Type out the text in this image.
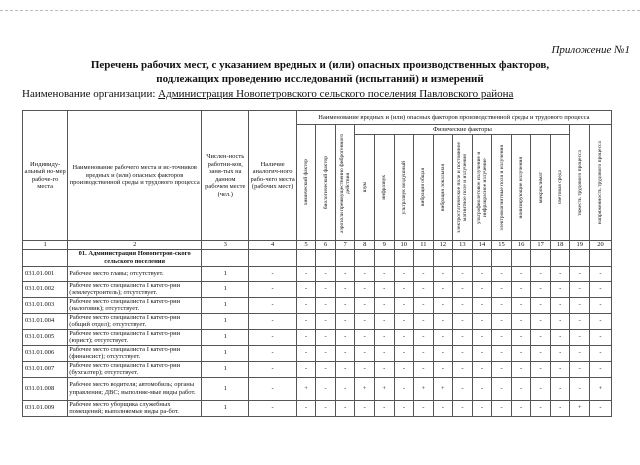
Приложение №1
Перечень рабочих мест, с указанием вредных и (или) опасных производственных факторов,
подлежащих проведению исследований (испытаний) и измерений
Наименование организации: Администрация Новопетровского сельского поселения Павловского района
Индивиду-альный но-мер рабоче-го места	Наименование рабочего места и ис-точников вредных и (или) опасных факторов производственной среды и трудового процесса	Числен-ность работни-ков, заня-тых на данном рабочем месте (чел.)	Наличие аналогич-ного рабо-чего места (рабочих мест)	Наименование вредных и (или) опасных факторов производственной среды и трудового процесса															

				химический фактор	биологический фактор	аэрозоли преимущественно фиброгенного действия	Физические факторы											тяжесть трудового процесса	напряженность трудового процесса

							шум	инфразвук	ультразвук воздушный	вибрация общая	вибрация локальная	электростатическое поле и постоянное магнитное поле и излучения	ультрафиолетовое излучение и инфракрасное излучение	электромагнитные поля и излучения	ионизирующие излучения	микроклимат	световая среда		

1	2	3	4	5	6	7	8	9	10	11	12	13	14	15	16	17	18	19	20
	01. Администрация Новопетров-ского сельского поселения																		
031.01.001	Рабочее место главы; отсутствует.	1	-	-	-	-	-	-	-	-	-	-	-	-	-	-	-	-	-
031.01.002	Рабочее место специалиста I катего-рии (землеустроитель); отсутствует.	1	-	-	-	-	-	-	-	-	-	-	-	-	-	-	-	-	-
031.01.003	Рабочее место специалиста I катего-рии (налоговик); отсутствует.	1	-	-	-	-	-	-	-	-	-	-	-	-	-	-	-	-	-
031.01.004	Рабочее место специалиста I катего-рии (общий отдел); отсутствует.	1	-	-	-	-	-	-	-	-	-	-	-	-	-	-	-	-	-
031.01.005	Рабочее место специалиста I катего-рии (юрист); отсутствует.	1	-	-	-	-	-	-	-	-	-	-	-	-	-	-	-	-	-
031.01.006	Рабочее место специалиста I катего-рии (финансист); отсутствует.	1	-	-	-	-	-	-	-	-	-	-	-	-	-	-	-	-	-
031.01.007	Рабочее место специалиста I катего-рии (бухгалтер); отсутствует.	1	-	-	-	-	-	-	-	-	-	-	-	-	-	-	-	-	-
031.01.008	Рабочее место водителя; автомобиль; органы управления; ДВС; выполняе-мые виды работ.	1	-	+	-	-	+	+	-	+	+	-	-	-	-	-	-	-	+
031.01.009	Рабочее место уборщика служебных помещений; выполняемые виды ра-бот.	1	-	-	-	-	-	-	-	-	-	-	-	-	-	-	-	+	-
